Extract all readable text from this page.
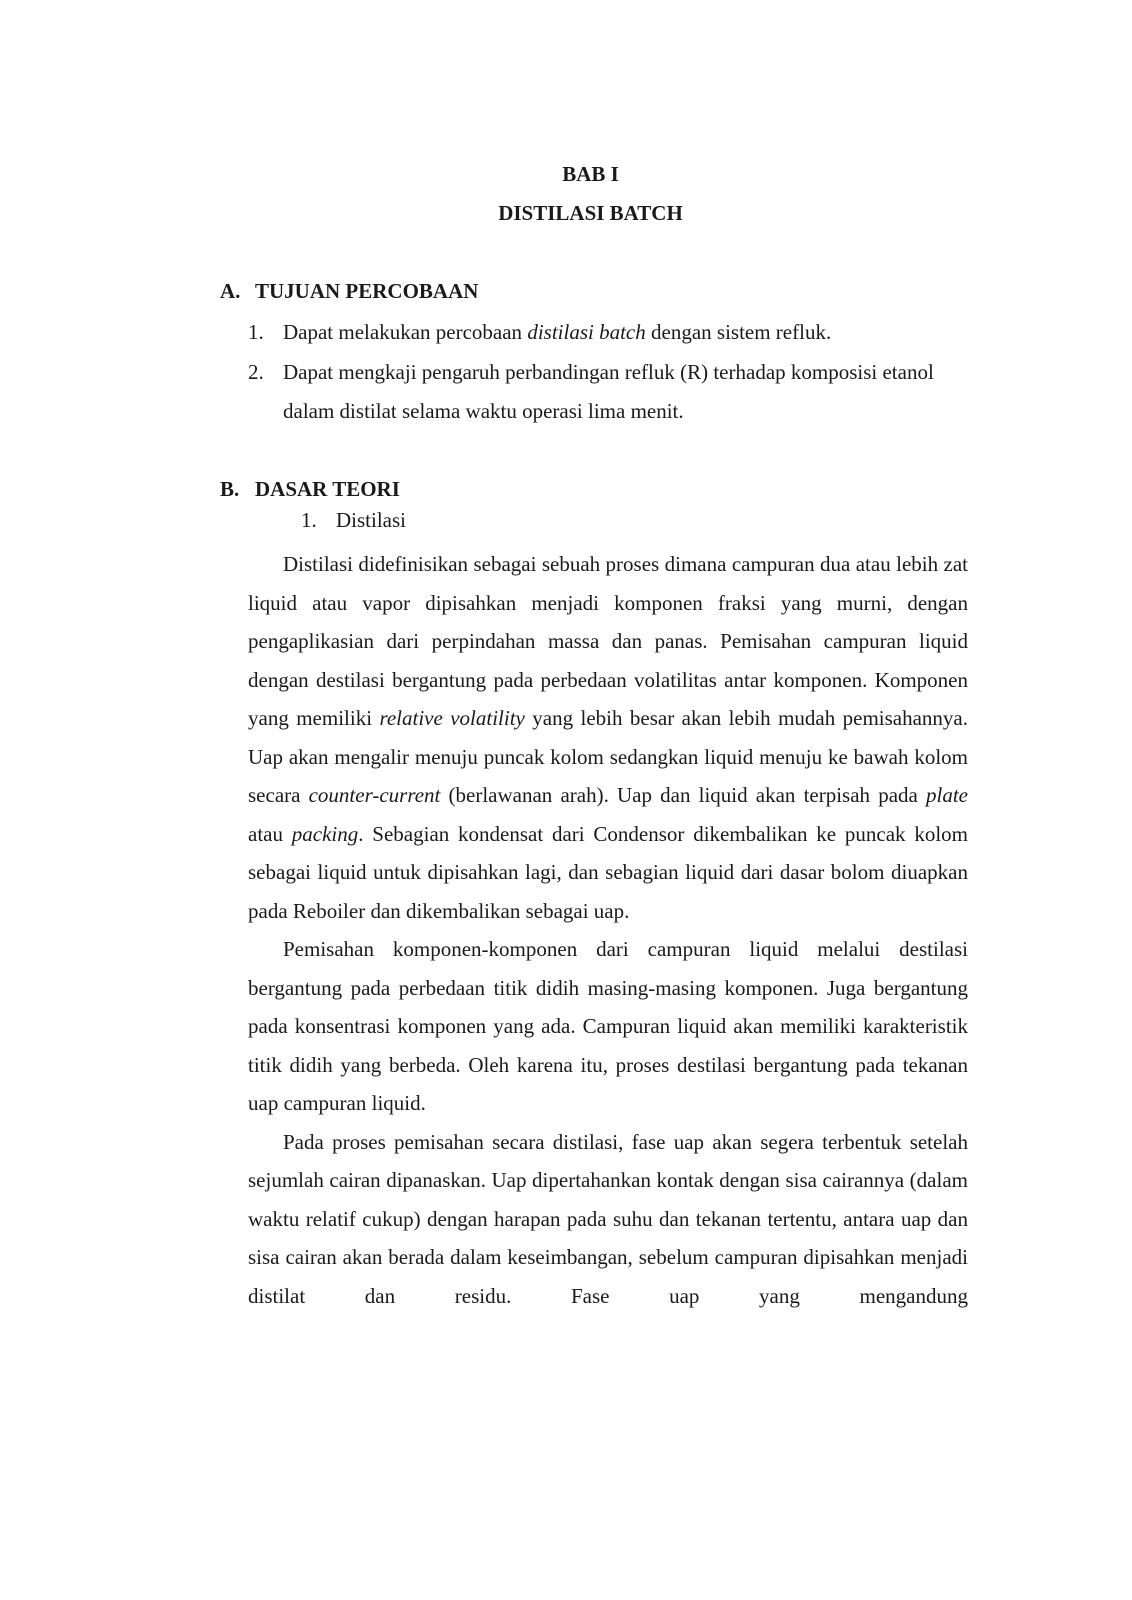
BAB I
DISTILASI BATCH
A. TUJUAN PERCOBAAN
1. Dapat melakukan percobaan distilasi batch dengan sistem refluk.
2. Dapat mengkaji pengaruh perbandingan refluk (R) terhadap komposisi etanol dalam distilat selama waktu operasi lima menit.
B. DASAR TEORI

1. Distilasi

Distilasi didefinisikan sebagai sebuah proses dimana campuran dua atau lebih zat liquid atau vapor dipisahkan menjadi komponen fraksi yang murni, dengan pengaplikasian dari perpindahan massa dan panas. Pemisahan campuran liquid dengan destilasi bergantung pada perbedaan volatilitas antar komponen. Komponen yang memiliki relative volatility yang lebih besar akan lebih mudah pemisahannya. Uap akan mengalir menuju puncak kolom sedangkan liquid menuju ke bawah kolom secara counter-current (berlawanan arah). Uap dan liquid akan terpisah pada plate atau packing. Sebagian kondensat dari Condensor dikembalikan ke puncak kolom sebagai liquid untuk dipisahkan lagi, dan sebagian liquid dari dasar bolom diuapkan pada Reboiler dan dikembalikan sebagai uap.

Pemisahan komponen-komponen dari campuran liquid melalui destilasi bergantung pada perbedaan titik didih masing-masing komponen. Juga bergantung pada konsentrasi komponen yang ada. Campuran liquid akan memiliki karakteristik titik didih yang berbeda. Oleh karena itu, proses destilasi bergantung pada tekanan uap campuran liquid.

Pada proses pemisahan secara distilasi, fase uap akan segera terbentuk setelah sejumlah cairan dipanaskan. Uap dipertahankan kontak dengan sisa cairannya (dalam waktu relatif cukup) dengan harapan pada suhu dan tekanan tertentu, antara uap dan sisa cairan akan berada dalam keseimbangan, sebelum campuran dipisahkan menjadi distilat dan residu. Fase uap yang mengandung
